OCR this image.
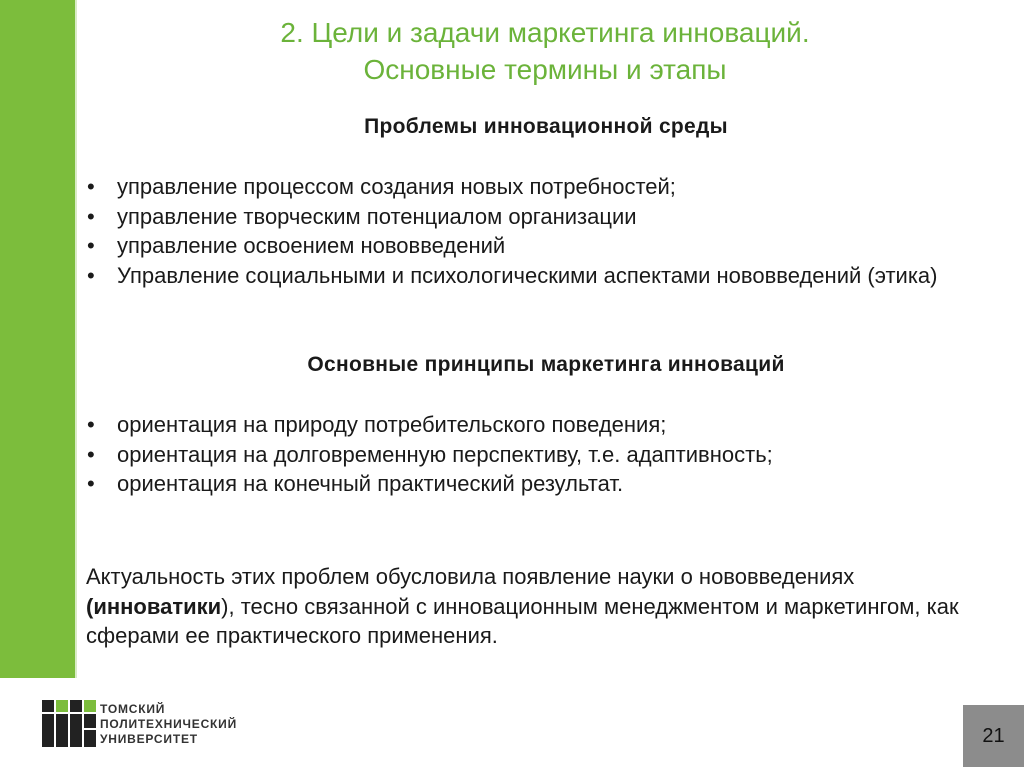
2. Цели и задачи маркетинга инноваций.
Основные термины и этапы
Проблемы инновационной среды
• управление процессом создания новых потребностей;
• управление творческим потенциалом организации
• управление освоением нововведений
• Управление социальными и психологическими аспектами нововведений (этика)
Основные принципы маркетинга инноваций
• ориентация на природу потребительского поведения;
• ориентация на долговременную перспективу, т.е. адаптивность;
• ориентация на конечный практический результат.
Актуальность этих проблем обусловила появление науки о нововведениях (инноватики), тесно связанной с инновационным менеджментом и маркетингом, как сферами ее практического применения.
ТОМСКИЙ
ПОЛИТЕХНИЧЕСКИЙ
УНИВЕРСИТЕТ	21
